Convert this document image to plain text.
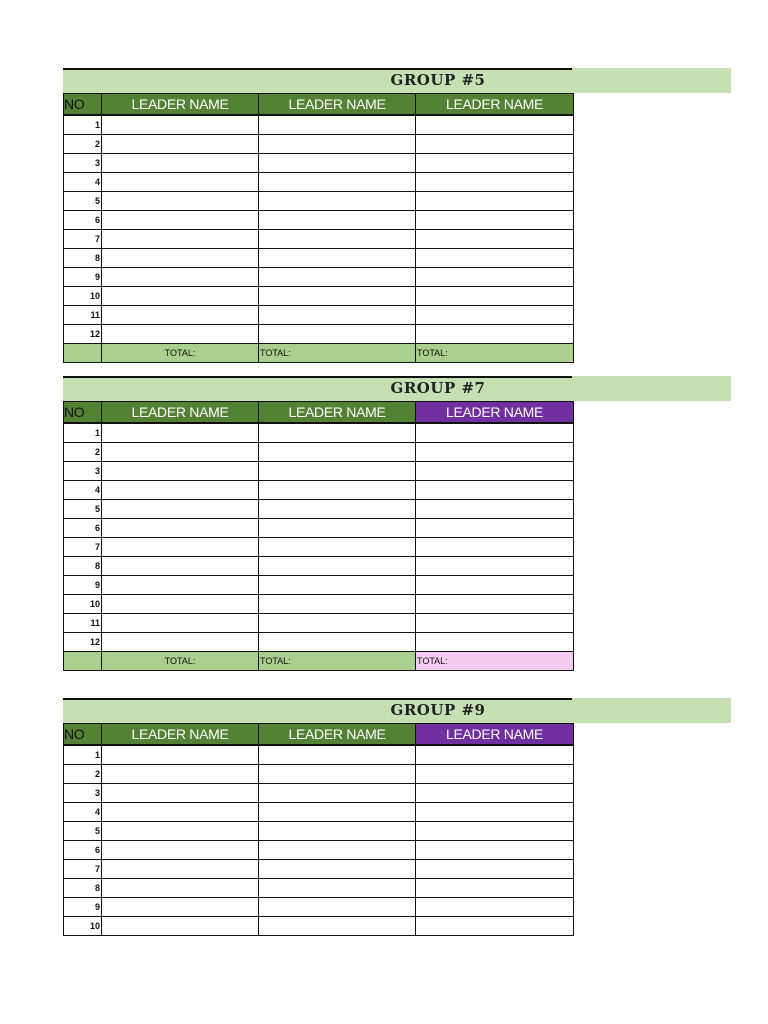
GROUP #5
NO	LEADER NAME	LEADER NAME	LEADER NAME
1			
2			
3			
4			
5			
6			
7			
8			
9			
10			
11			
12			
	TOTAL:	TOTAL:	TOTAL:
GROUP #7
NO	LEADER NAME	LEADER NAME	LEADER NAME
1			
2			
3			
4			
5			
6			
7			
8			
9			
10			
11			
12			
	TOTAL:	TOTAL:	TOTAL:
GROUP #9
NO	LEADER NAME	LEADER NAME	LEADER NAME
1			
2			
3			
4			
5			
6			
7			
8			
9			
10			
